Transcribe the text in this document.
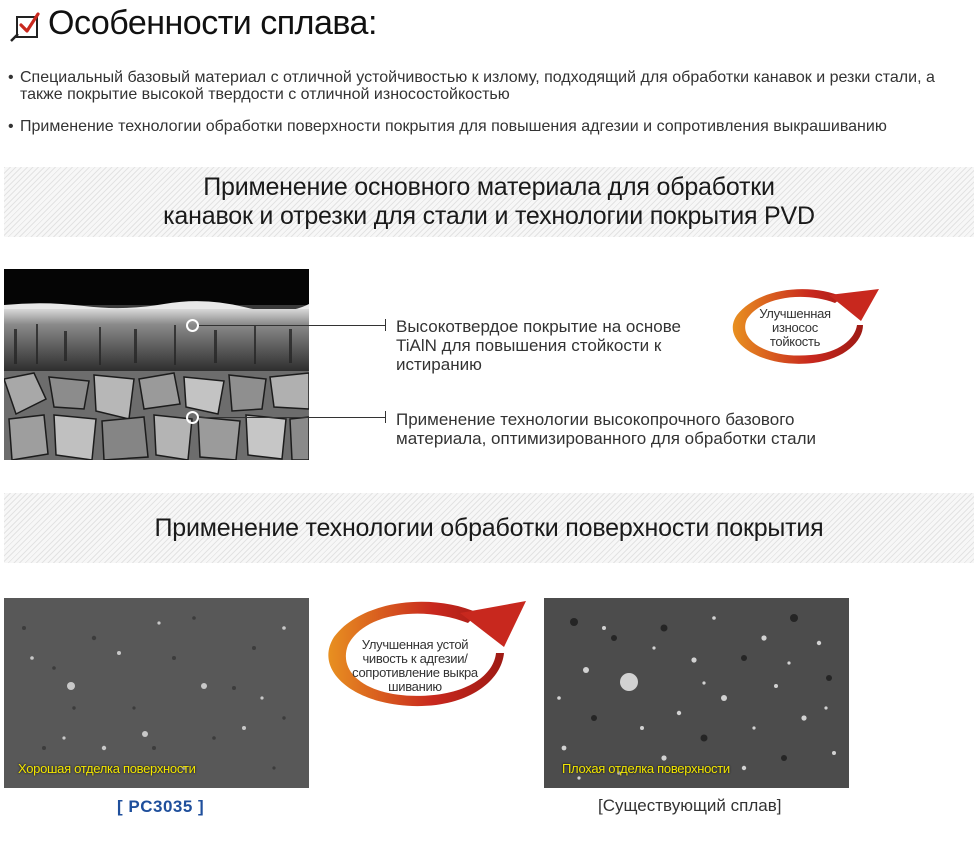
Особенности сплава:
• Специальный базовый материал с отличной устойчивостью к излому, подходящий для обработки канавок и резки стали, а также покрытие высокой твердости с отличной износостойкостью
• Применение технологии обработки поверхности покрытия для повышения адгезии и сопротивления выкрашиванию
Применение основного материала для обработки
канавок и отрезки для стали и технологии покрытия PVD
Высокотвердое покрытие на основе TiAlN для повышения стойкости к истиранию
Применение технологии высокопрочного базового материала, оптимизированного для обработки стали
Улучшенная
износос
тойкость
Применение технологии обработки поверхности покрытия
Хорошая отделка поверхности
[ PC3035 ]
Улучшенная устой
чивость к адгезии/
сопротивление выкра
шиванию
Плохая отделка поверхности
[Существующий сплав]
